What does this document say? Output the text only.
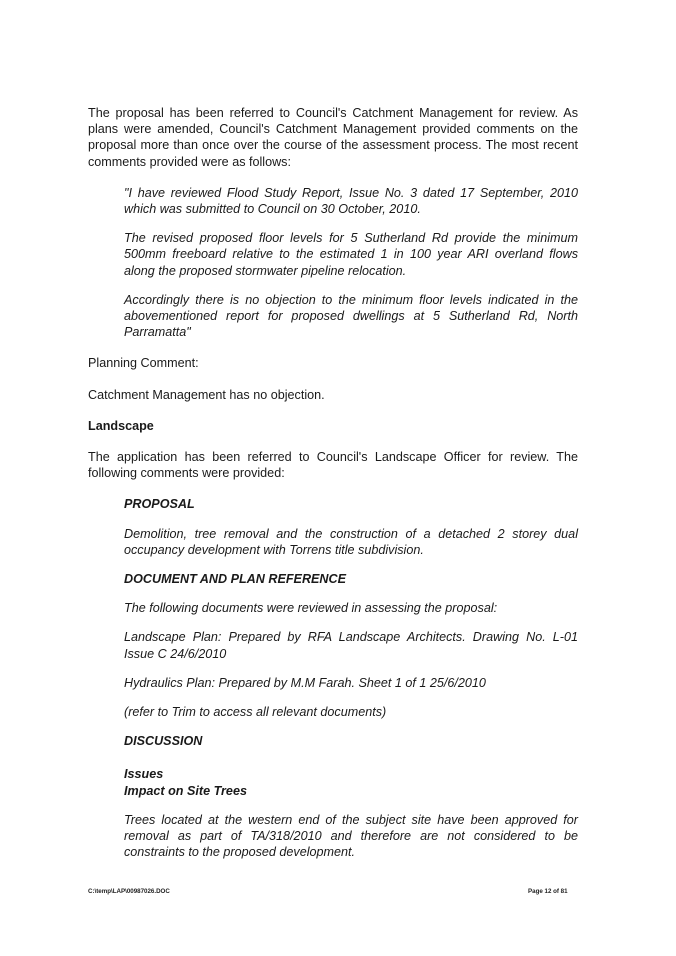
The proposal has been referred to Council's Catchment Management for review. As plans were amended, Council's Catchment Management provided comments on the proposal more than once over the course of the assessment process. The most recent comments provided were as follows:

"I have reviewed Flood Study Report, Issue No. 3 dated 17 September, 2010 which was submitted to Council on 30 October, 2010.

The revised proposed floor levels for 5 Sutherland Rd provide the minimum 500mm freeboard relative to the estimated 1 in 100 year ARI overland flows along the proposed stormwater pipeline relocation.

Accordingly there is no objection to the minimum floor levels indicated in the abovementioned report for proposed dwellings at 5 Sutherland Rd, North Parramatta"

Planning Comment:

Catchment Management has no objection.

Landscape

The application has been referred to Council's Landscape Officer for review. The following comments were provided:

PROPOSAL

Demolition, tree removal and the construction of a detached 2 storey dual occupancy development with Torrens title subdivision.

DOCUMENT AND PLAN REFERENCE

The following documents were reviewed in assessing the proposal:

Landscape Plan: Prepared by RFA Landscape Architects. Drawing No. L-01 Issue C 24/6/2010

Hydraulics Plan: Prepared by M.M Farah. Sheet 1 of 1 25/6/2010

(refer to Trim to access all relevant documents)

DISCUSSION

Issues

Impact on Site Trees

Trees located at the western end of the subject site have been approved for removal as part of TA/318/2010 and therefore are not considered to be constraints to the proposed development.

C:\temp\LAP\00987026.DOC	Page 12 of 81
